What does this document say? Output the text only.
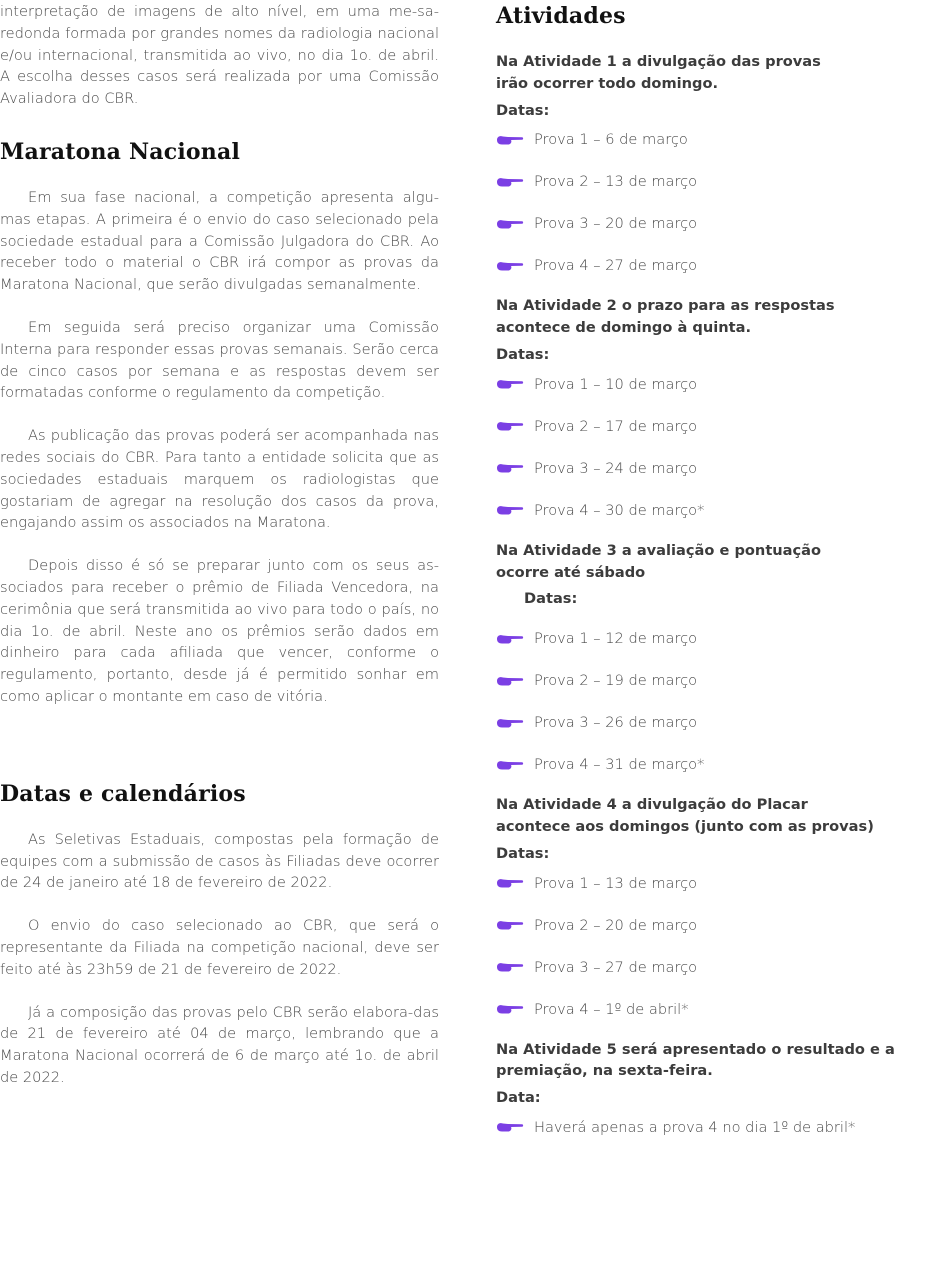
interpretação de imagens de alto nível, em uma me-sa-redonda formada por grandes nomes da radiologia nacional e/ou internacional, transmitida ao vivo, no dia 1o. de abril. A escolha desses casos será realizada por uma Comissão Avaliadora do CBR.

Maratona Nacional

Em sua fase nacional, a competição apresenta algu-mas etapas. A primeira é o envio do caso selecionado pela sociedade estadual para a Comissão Julgadora do CBR. Ao receber todo o material o CBR irá compor as provas da Maratona Nacional, que serão divulgadas semanalmente.

Em seguida será preciso organizar uma Comissão Interna para responder essas provas semanais. Serão cerca de cinco casos por semana e as respostas devem ser formatadas conforme o regulamento da competição.

As publicação das provas poderá ser acompanhada nas redes sociais do CBR. Para tanto a entidade solicita que as sociedades estaduais marquem os radiologistas que gostariam de agregar na resolução dos casos da prova, engajando assim os associados na Maratona.

Depois disso é só se preparar junto com os seus as-sociados para receber o prêmio de Filiada Vencedora, na cerimônia que será transmitida ao vivo para todo o país, no dia 1o. de abril. Neste ano os prêmios serão dados em dinheiro para cada afiliada que vencer, conforme o regulamento, portanto, desde já é permitido sonhar em como aplicar o montante em caso de vitória.

Datas e calendários

As Seletivas Estaduais, compostas pela formação de equipes com a submissão de casos às Filiadas deve ocorrer de 24 de janeiro até 18 de fevereiro de 2022.

O envio do caso selecionado ao CBR, que será o representante da Filiada na competição nacional, deve ser feito até às 23h59 de 21 de fevereiro de 2022.

Já a composição das provas pelo CBR serão elabora-das de 21 de fevereiro até 04 de março, lembrando que a Maratona Nacional ocorrerá de 6 de março até 1o. de abril de 2022.

Atividades

Na Atividade 1 a divulgação das provas

irão ocorrer todo domingo.

Datas:

Prova 1 – 6 de março
Prova 2 – 13 de março
Prova 3 – 20 de março
Prova 4 – 27 de março

Na Atividade 2 o prazo para as respostas

acontece de domingo à quinta.

Datas:

Prova 1 – 10 de março
Prova 2 – 17 de março
Prova 3 – 24 de março
Prova 4 – 30 de março*

Na Atividade 3 a avaliação e pontuação

ocorre até sábado

Datas:

Prova 1 – 12 de março
Prova 2 – 19 de março
Prova 3 – 26 de março
Prova 4 – 31 de março*

Na Atividade 4 a divulgação do Placar

acontece aos domingos (junto com as provas)

Datas:

Prova 1 – 13 de março
Prova 2 – 20 de março
Prova 3 – 27 de março
Prova 4 – 1º de abril*

Na Atividade 5 será apresentado o resultado e a

premiação, na sexta-feira.

Data:

Haverá apenas a prova 4 no dia 1º de abril*
